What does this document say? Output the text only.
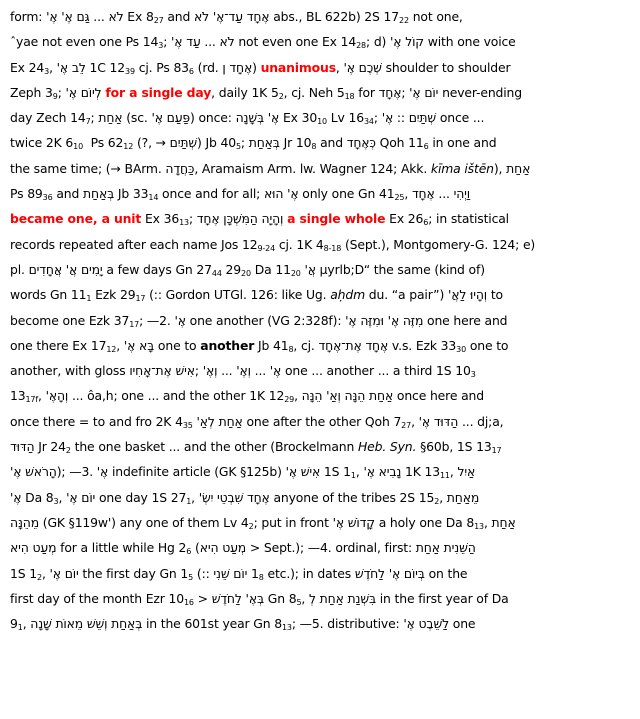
form: אֶ' גַּם אֶ' ... לֹא Ex $8_{27}$ and עַד־אֶ' לֹא אֶחָד abs., BL 622b) 2S $17_{22}$ not one,
ˆyae not even one Ps $14_3$; עַד אֶ' ... לֹא not even one Ex $14_{28}$; d) קוֹל אֶ' with one voice
Ex $24_3$, לֵב אֶ' 1C $12_{39}$ cj. Ps $83_6$ (rd. אֶחָד ן) unanimous, שְׁכֶם אֶ' shoulder to shoulder
Zeph $3_9$; לְיוֹם אֶ' for a single day, daily 1K $5_2$, cj. Neh $5_{18}$ for אֶחָד; יוֹם אֶ' never-ending
day Zech $14_7$; אַחַת (sc. פַּעַם אֶ') once: בְּשָׁנָה אֶ' Ex $30_{10}$ Lv $16_{34}$; אֶ' :: שְׁתַּיִם once ...
twice 2K $6_{10}$  Ps $62_{12}$ (?, → שְׁתַּיִם) Jb $40_5$; בְּאַחַת Jr $10_8$ and כְּאֶחָד Qoh $11_6$ in one and
the same time; (→ BArm. כַּחֲדָה, Aramaism Arm. lw. Wagner 124; Akk. kīma ištēn), אַחַת
Ps $89_{36}$ and בְּאַחַת Jb $33_{14}$ once and for all; אֶ' הוּא only one Gn $41_{25}$, אֶחָד ... וַיְהִי
became one, a unit Ex $36_{13}$; וְהָיָה הַמִּשְׁכָּן אֶחָד a single whole Ex $26_6$; in statistical
records repeated after each name Jos $12_{9-24}$ cj. 1K $4_{8-18}$ (Sept.), Montgomery-G. 124; e)
pl. אֲחָדִים יָמִים אֲ' a few days Gn $27_{44}$ $29_{20}$ Da $11_{20}$ אֲ' µyrlb;D“ the same (kind of)
words Gn $11_1$ Ezk $29_{17}$ (:: Gordon UTGl. 126: like Ug. aḥdm du. “a pair”) וְהָיוּ לַאֲ' to
become one Ezk $37_{17}$; —2. אֶ' one another (VG 2:328f): מִזֶּה אֶ' וּמִזֶּה אֶ' one here and
one there Ex $17_{12}$, בָּא אֶ' one to another Jb $41_8$, cj. אֶחָד אֶת־אֶחָד v.s. Ezk $33_{30}$ one to
another, with gloss אִישׁ אֶת־אָחִיו; אֶ' ... וְאֶ' ... וְאֶ' one ... another ... a third 1S $10_3$
$13_{17f}$, וְהָאֶ' ... ôa,h; one ... and the other 1K $12_{29}$, אַחַת הֵנָּה וְאַ' הֵנָּה once here and
once there = to and fro 2K $4_{35}$ אַחַת לְאַ' one after the other Qoh $7_{27}$, הַדּוּד אֶ' ... dj;a,
הַדּוּד Jr $24_2$ the one basket ... and the other (Brockelmann Heb. Syn. §60b, 1S $13_{17}$
הָרֹאשׁ אֶ'); —3. אֶ' indefinite article (GK §125b) אִישׁ אֶ' 1S $1_1$, נָבִיא אֶ' 1K $13_{11}$, אַיִל
אֶ' Da $8_3$, יוֹם אֶ' one day 1S $27_1$, אֶחָד שִׁבְטֵי יִשְׂ' anyone of the tribes 2S $15_2$, מֵאַחַת
מֵהֵנָּה (GK §119w') any one of them Lv $4_2$; put in front קָדוֹשׁ אֶ' a holy one Da $8_{13}$, אַחַת
מְעַט הִיא for a little while Hg $2_6$ (מְעַט הִיא > Sept.); —4. ordinal, first: אַחַת הַשֵּׁנִית
1S $1_2$, יוֹם אֶ' the first day Gn $1_5$ (:: יוֹם שֵׁנִי $1_8$ etc.); in dates בְּיוֹם אֶ' לַחֹדֶשׁ on the
first day of the month Ezr $10_{16}$ > בְּאֶ' לַחֹדֶשׁ Gn $8_5$, בִּשְׁנַת אַחַת לְ in the first year of Da
$9_1$, בְּאַחַת וְשֵׁשׁ מֵאוֹת שָׁנָה in the 601st year Gn $8_{13}$; —5. distributive: לַשֵּׁבֶט אֶ' one
